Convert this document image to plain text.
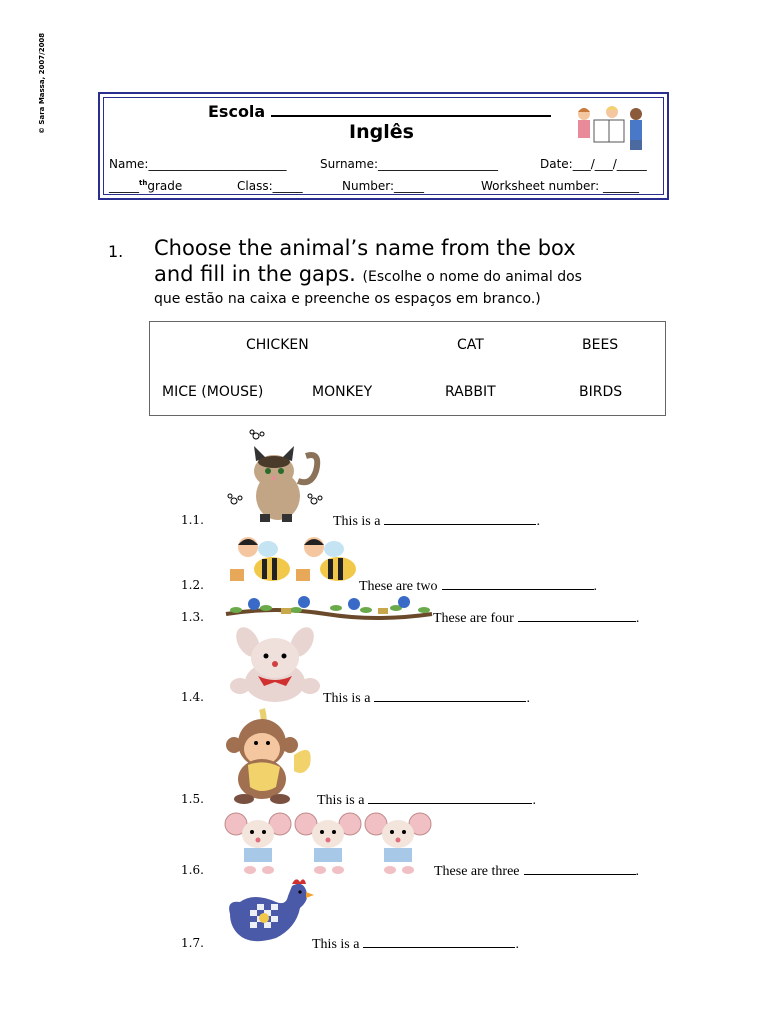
© Sara Massa, 2007/2008	Escola
Inglês
Name:_______________________	Surname:____________________	Date:___/___/_____
_____$^{th}$grade	Class:_____	Number:_____	Worksheet number: ______
1. Choose the animal’s name from the box
and fill in the gaps. (Escolhe o nome do animal dos
que estão na caixa e preenche os espaços em branco.)
CHICKEN	CAT	BEES
MICE (MOUSE)	MONKEY	RABBIT	BIRDS
1.1.	This is a	.
1.2.	These are two	.
1.3.	These are four	.
1.4.	This is a	.
1.5.	This is a	.
1.6.	These are three	.
1.7.	This is a	.
